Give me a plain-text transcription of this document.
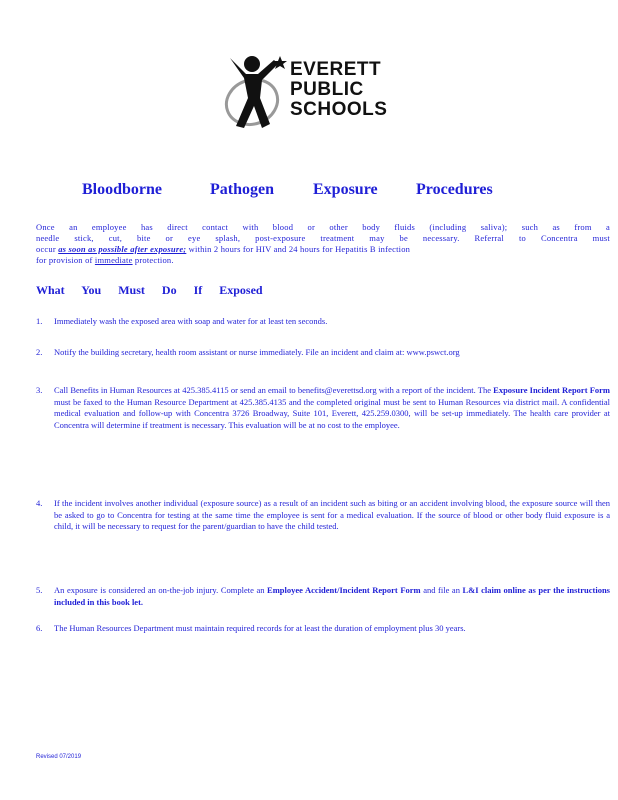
EVERETT
PUBLIC
SCHOOLS
Bloodborne	Pathogen Exposure Procedures
Once an employee has direct contact with blood or other body fluids (including saliva); such as from a
needle stick, cut, bite or eye splash, post-exposure treatment may be necessary. Referral to Concentra must
occur as soon as possible after exposure; within 2 hours for HIV and 24 hours for Hepatitis B infection
for provision of immediate protection.
What You Must Do If Exposed
1. Immediately wash the exposed area with soap and water for at least ten seconds.
2. Notify the building secretary, health room assistant or nurse immediately. File an incident and claim at: www.pswct.org
3. Call Benefits in Human Resources at 425.385.4115 or send an email to benefits@everettsd.org with a report of the incident. The Exposure Incident Report Form must be faxed to the Human Resource Department at 425.385.4135 and the completed original must be sent to Human Resources via district mail. A confidential medical evaluation and follow-up with Concentra 3726 Broadway, Suite 101, Everett, 425.259.0300, will be set-up immediately. The health care provider at Concentra will determine if treatment is necessary. This evaluation will be at no cost to the employee.
4. If the incident involves another individual (exposure source) as a result of an incident such as biting or an accident involving blood, the exposure source will then be asked to go to Concentra for testing at the same time the employee is sent for a medical evaluation. If the source of blood or other body fluid exposure is a child, it will be necessary to request for the parent/guardian to have the child tested.
5. An exposure is considered an on-the-job injury. Complete an Employee Accident/Incident Report Form and file an L&I claim online as per the instructions included in this book let.
6. The Human Resources Department must maintain required records for at least the duration of employment plus 30 years.
Revised 07/2019
